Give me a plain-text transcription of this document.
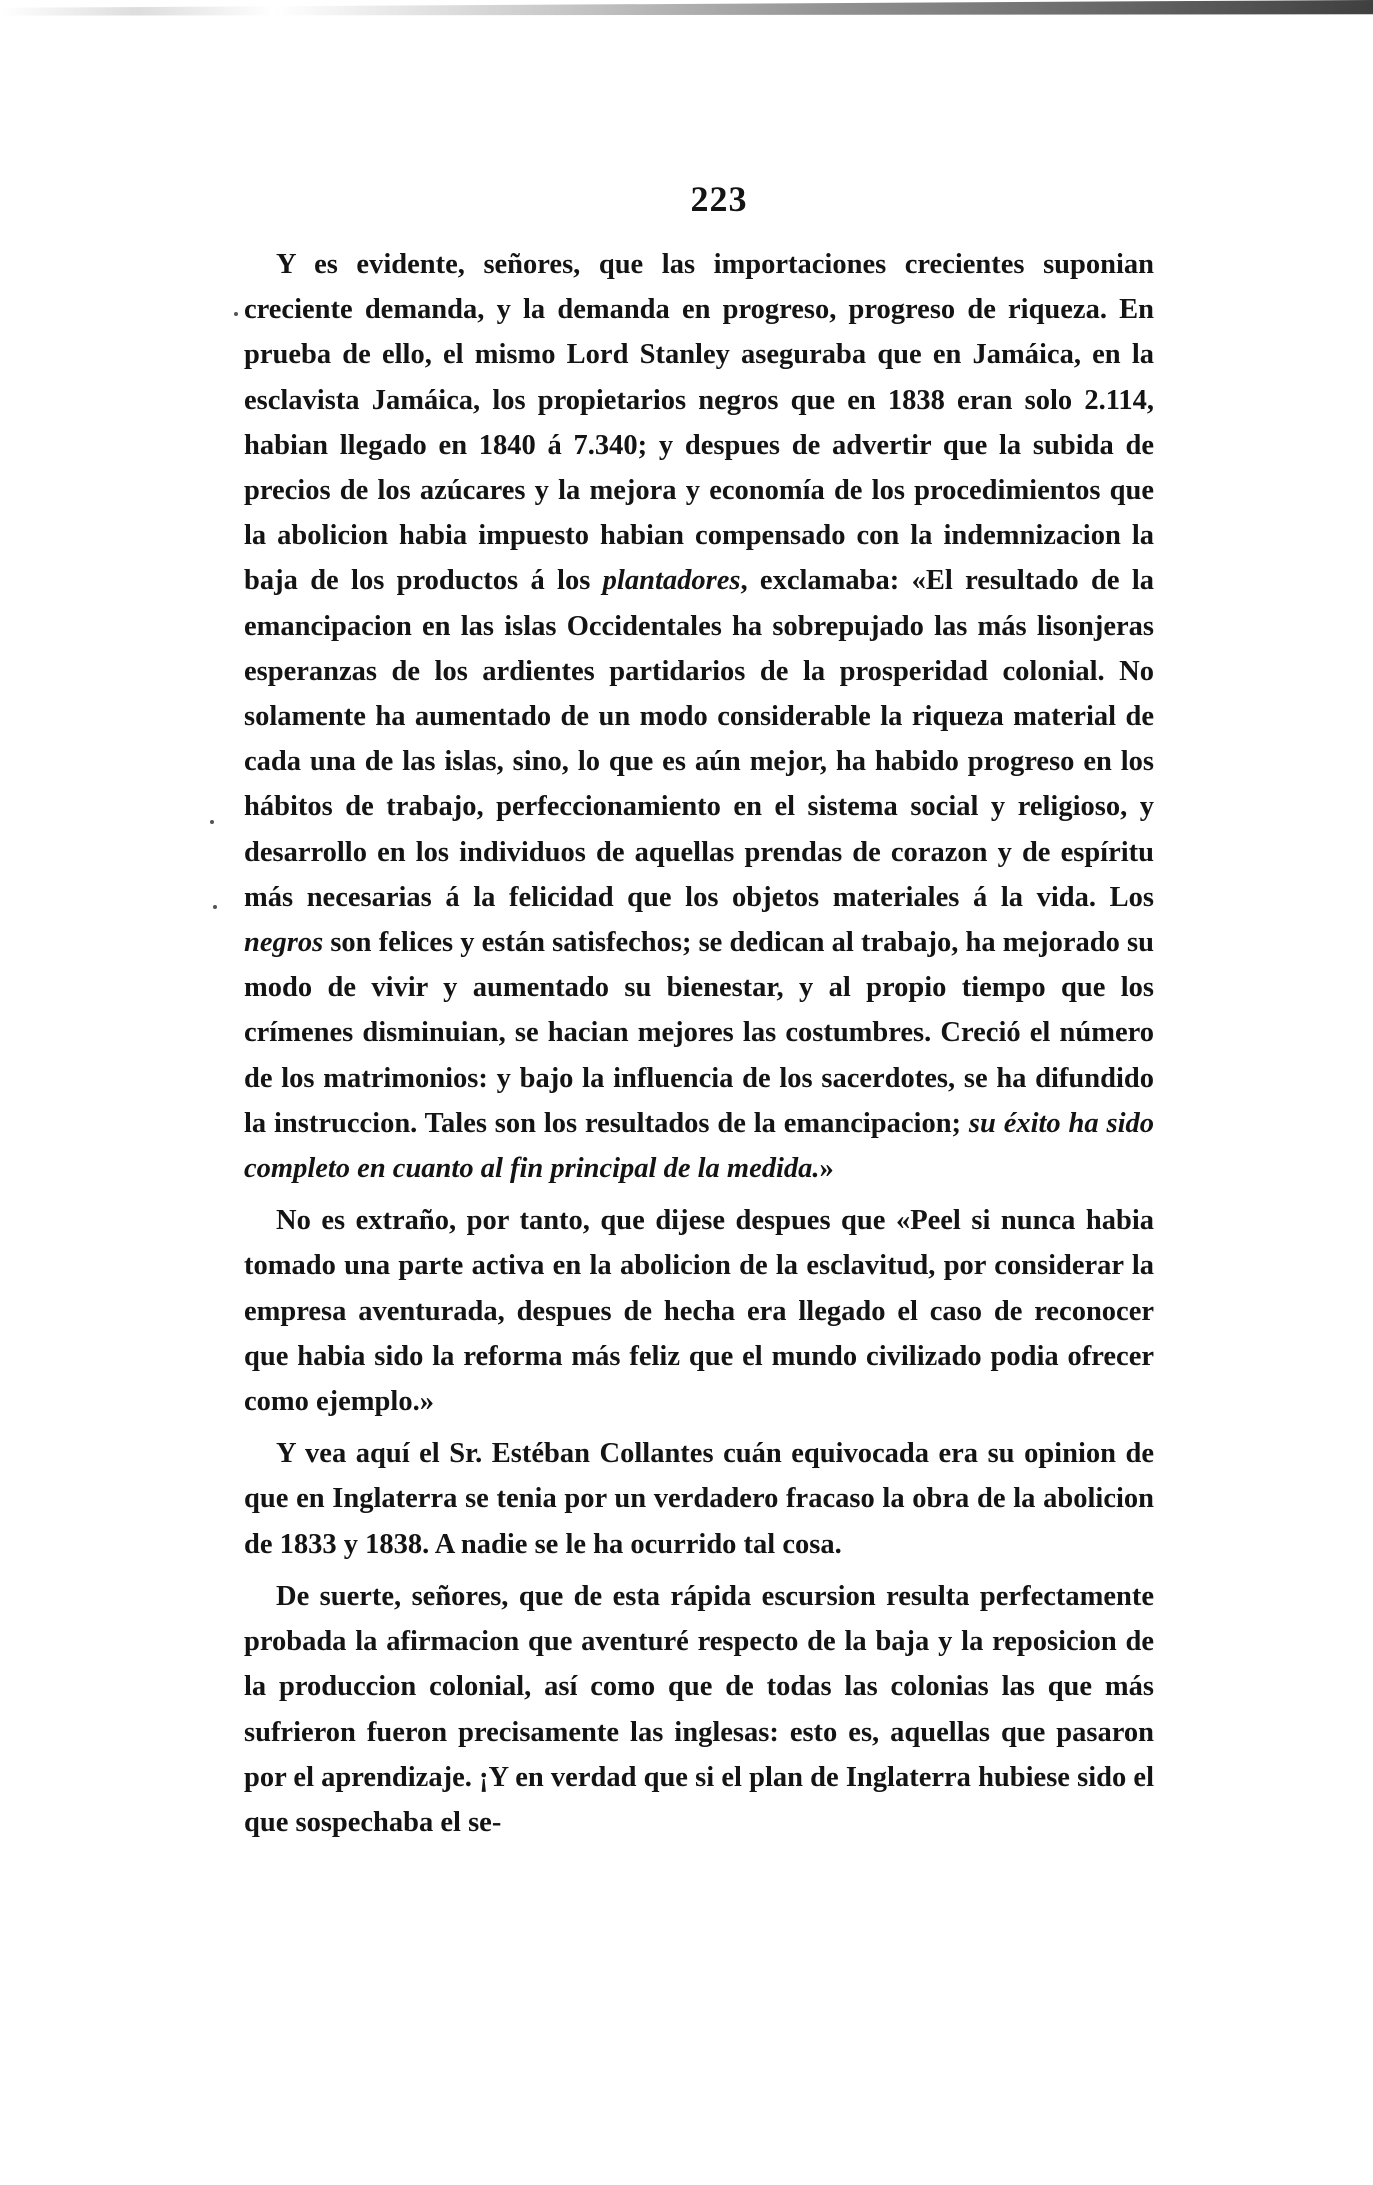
223

Y es evidente, señores, que las importaciones crecientes suponian creciente demanda, y la demanda en progreso, progreso de riqueza. En prueba de ello, el mismo Lord Stanley aseguraba que en Jamáica, en la esclavista Jamáica, los propietarios negros que en 1838 eran solo 2.114, habian llegado en 1840 á 7.340; y despues de advertir que la subida de precios de los azúcares y la mejora y economía de los procedimientos que la abolicion habia impuesto habian compensado con la indemnizacion la baja de los productos á los plantadores, exclamaba: «El resultado de la emancipacion en las islas Occidentales ha sobrepujado las más lisonjeras esperanzas de los ardientes partidarios de la prosperidad colonial. No solamente ha aumentado de un modo considerable la riqueza material de cada una de las islas, sino, lo que es aún mejor, ha habido progreso en los hábitos de trabajo, perfeccionamiento en el sistema social y religioso, y desarrollo en los individuos de aquellas prendas de corazon y de espíritu más necesarias á la felicidad que los objetos materiales á la vida. Los negros son felices y están satisfechos; se dedican al trabajo, ha mejorado su modo de vivir y aumentado su bienestar, y al propio tiempo que los crímenes disminuian, se hacian mejores las costumbres. Creció el número de los matrimonios: y bajo la influencia de los sacerdotes, se ha difundido la instruccion. Tales son los resultados de la emancipacion; su éxito ha sido completo en cuanto al fin principal de la medida.»

No es extraño, por tanto, que dijese despues que «Peel si nunca habia tomado una parte activa en la abolicion de la esclavitud, por considerar la empresa aventurada, despues de hecha era llegado el caso de reconocer que habia sido la reforma más feliz que el mundo civilizado podia ofrecer como ejemplo.»

Y vea aquí el Sr. Estéban Collantes cuán equivocada era su opinion de que en Inglaterra se tenia por un verdadero fracaso la obra de la abolicion de 1833 y 1838. A nadie se le ha ocurrido tal cosa.

De suerte, señores, que de esta rápida escursion resulta perfectamente probada la afirmacion que aventuré respecto de la baja y la reposicion de la produccion colonial, así como que de todas las colonias las que más sufrieron fueron precisamente las inglesas: esto es, aquellas que pasaron por el aprendizaje. ¡Y en verdad que si el plan de Inglaterra hubiese sido el que sospechaba el se-
